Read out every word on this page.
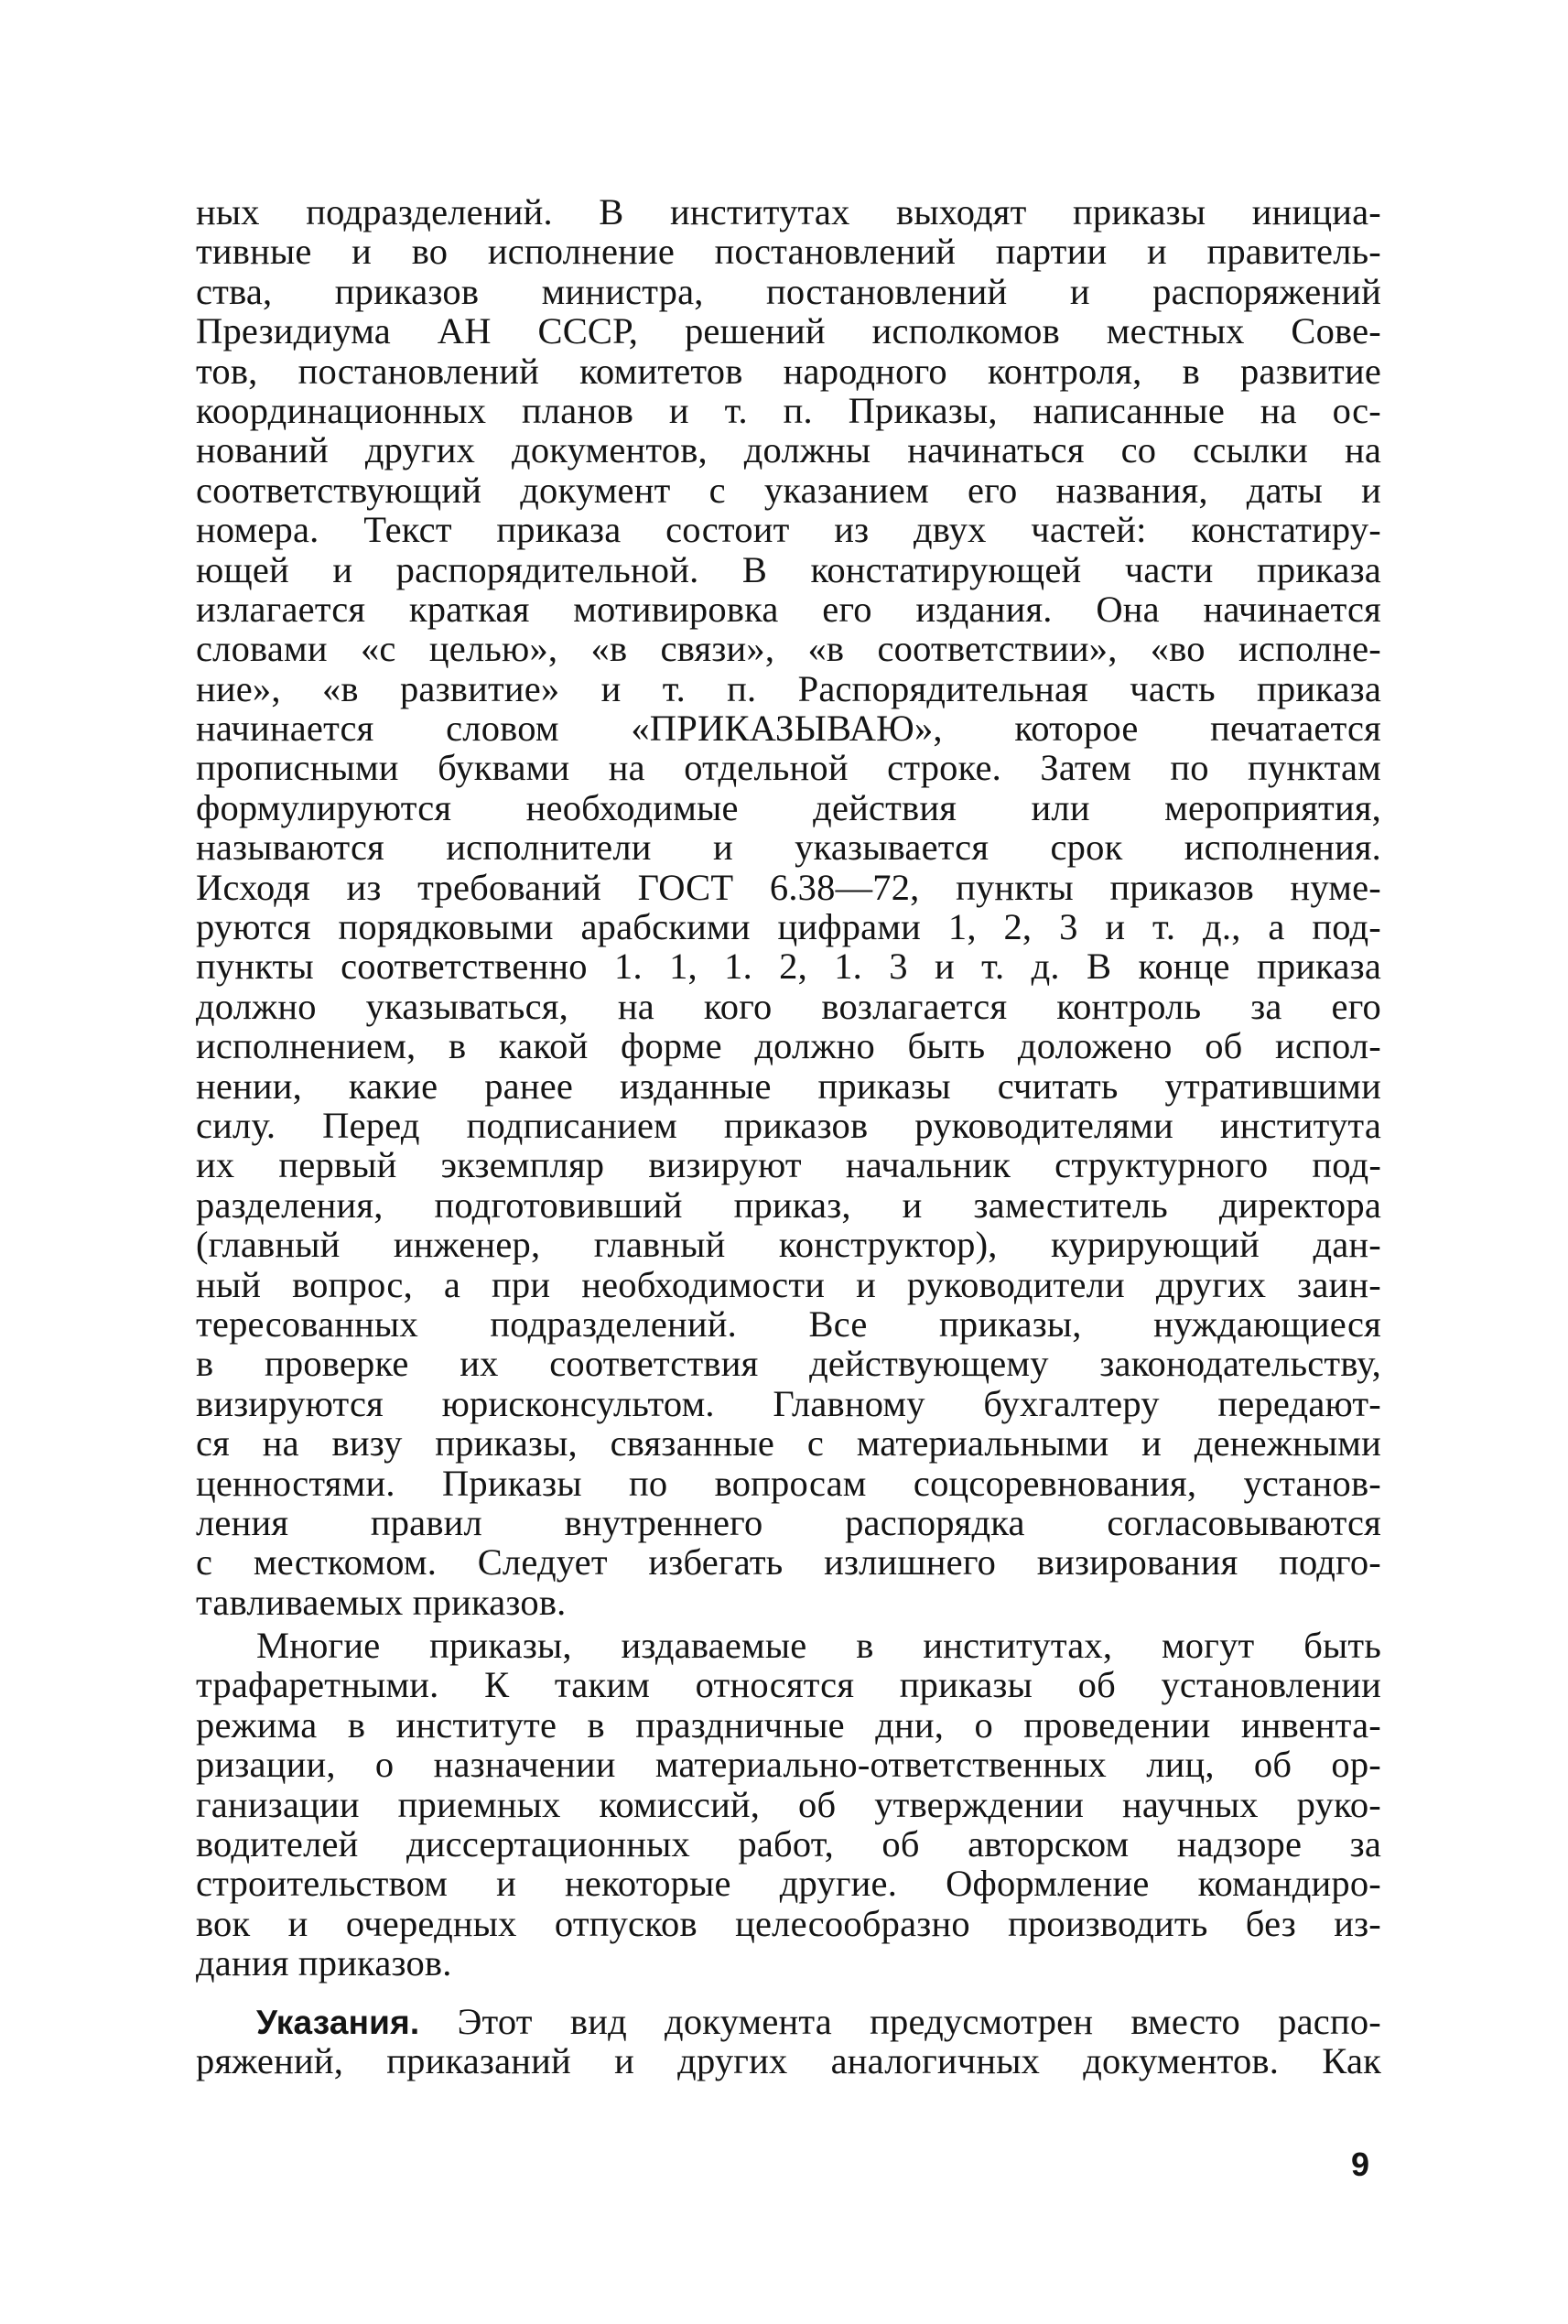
ных подразделений. В институтах выходят приказы инициа-
тивные и во исполнение постановлений партии и правитель-
ства, приказов министра, постановлений и распоряжений
Президиума АН СССР, решений исполкомов местных Сове-
тов, постановлений комитетов народного контроля, в развитие
координационных планов и т. п. Приказы, написанные на ос-
нований других документов, должны начинаться со ссылки на
соответствующий документ с указанием его названия, даты и
номера. Текст приказа состоит из двух частей: констатиру-
ющей и распорядительной. В констатирующей части приказа
излагается краткая мотивировка его издания. Она начинается
словами «с целью», «в связи», «в соответствии», «во исполне-
ние», «в развитие» и т. п. Распорядительная часть приказа
начинается словом «ПРИКАЗЫВАЮ», которое печатается
прописными буквами на отдельной строке. Затем по пунктам
формулируются необходимые действия или мероприятия,
называются исполнители и указывается срок исполнения.
Исходя из требований ГОСТ 6.38—72, пункты приказов нуме-
руются порядковыми арабскими цифрами 1, 2, 3 и т. д., а под-
пункты соответственно 1. 1, 1. 2, 1. 3 и т. д. В конце приказа
должно указываться, на кого возлагается контроль за его
исполнением, в какой форме должно быть доложено об испол-
нении, какие ранее изданные приказы считать утратившими
силу. Перед подписанием приказов руководителями института
их первый экземпляр визируют начальник структурного под-
разделения, подготовивший приказ, и заместитель директора
(главный инженер, главный конструктор), курирующий дан-
ный вопрос, а при необходимости и руководители других заин-
тересованных подразделений. Все приказы, нуждающиеся
в проверке их соответствия действующему законодательству,
визируются юрисконсультом. Главному бухгалтеру передают-
ся на визу приказы, связанные с материальными и денежными
ценностями. Приказы по вопросам соцсоревнования, установ-
ления правил внутреннего распорядка согласовываются
с месткомом. Следует избегать излишнего визирования подго-
тавливаемых приказов.
Многие приказы, издаваемые в институтах, могут быть
трафаретными. К таким относятся приказы об установлении
режима в институте в праздничные дни, о проведении инвента-
ризации, о назначении материально-ответственных лиц, об ор-
ганизации приемных комиссий, об утверждении научных руко-
водителей диссертационных работ, об авторском надзоре за
строительством и некоторые другие. Оформление командиро-
вок и очередных отпусков целесообразно производить без из-
дания приказов.
Указания. Этот вид документа предусмотрен вместо распо-
ряжений, приказаний и других аналогичных документов. Как
9
